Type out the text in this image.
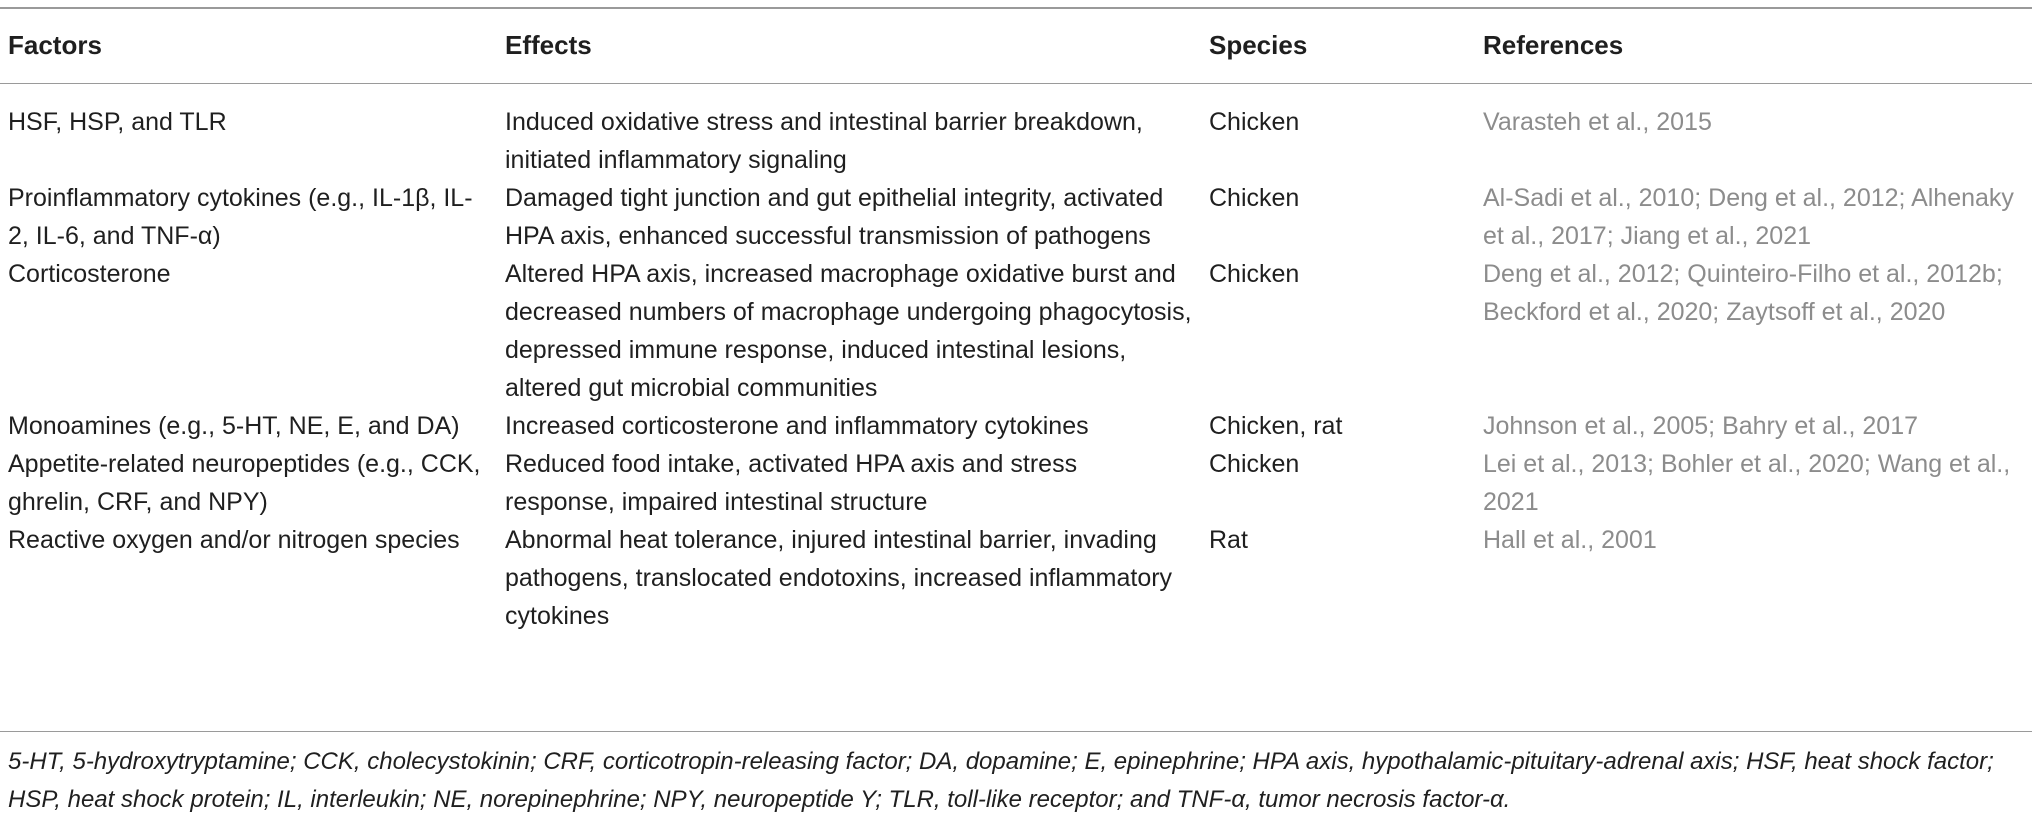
Factors	Effects	Species	References
HSF, HSP, and TLR	Induced oxidative stress and intestinal barrier breakdown, initiated inflammatory signaling	Chicken	Varasteh et al., 2015
Proinflammatory cytokines (e.g., IL-1β, IL-2, IL-6, and TNF-α)	Damaged tight junction and gut epithelial integrity, activated HPA axis, enhanced successful transmission of pathogens	Chicken	Al-Sadi et al., 2010; Deng et al., 2012; Alhenaky et al., 2017; Jiang et al., 2021
Corticosterone	Altered HPA axis, increased macrophage oxidative burst and decreased numbers of macrophage undergoing phagocytosis, depressed immune response, induced intestinal lesions, altered gut microbial communities	Chicken	Deng et al., 2012; Quinteiro-Filho et al., 2012b; Beckford et al., 2020; Zaytsoff et al., 2020
Monoamines (e.g., 5-HT, NE, E, and DA)	Increased corticosterone and inflammatory cytokines	Chicken, rat	Johnson et al., 2005; Bahry et al., 2017
Appetite-related neuropeptides (e.g., CCK, ghrelin, CRF, and NPY)	Reduced food intake, activated HPA axis and stress response, impaired intestinal structure	Chicken	Lei et al., 2013; Bohler et al., 2020; Wang et al., 2021
Reactive oxygen and/or nitrogen species	Abnormal heat tolerance, injured intestinal barrier, invading pathogens, translocated endotoxins, increased inflammatory cytokines	Rat	Hall et al., 2001
5-HT, 5-hydroxytryptamine; CCK, cholecystokinin; CRF, corticotropin-releasing factor; DA, dopamine; E, epinephrine; HPA axis, hypothalamic-pituitary-adrenal axis; HSF, heat shock factor; HSP, heat shock protein; IL, interleukin; NE, norepinephrine; NPY, neuropeptide Y; TLR, toll-like receptor; and TNF-α, tumor necrosis factor-α.
